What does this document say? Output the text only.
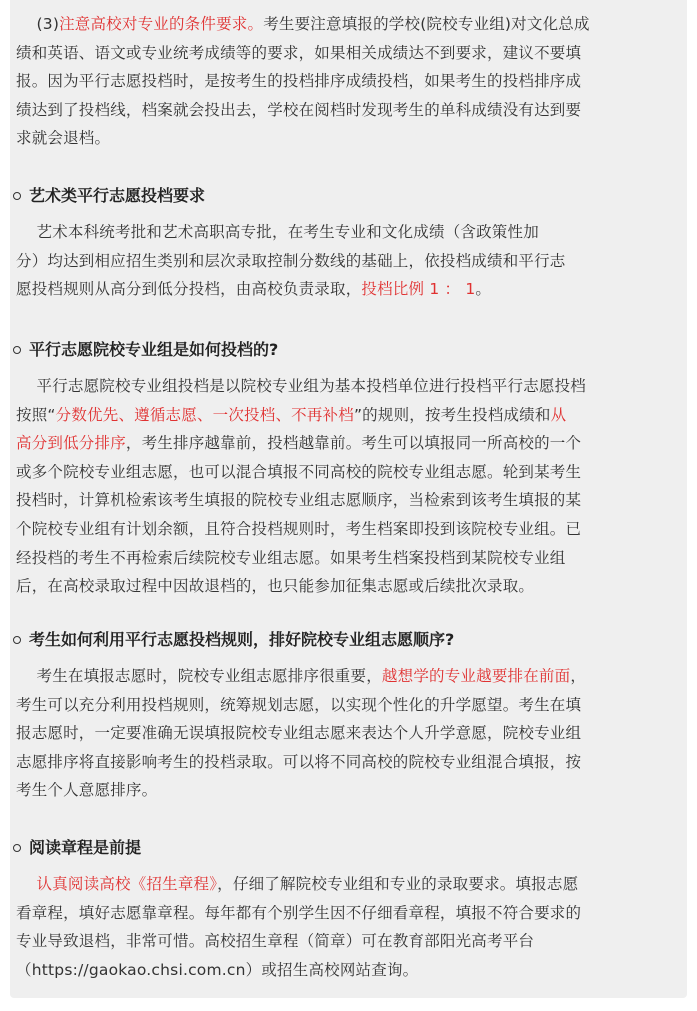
(3)注意高校对专业的条件要求。考生要注意填报的学校(院校专业组)对文化总成
绩和英语、语文或专业统考成绩等的要求，如果相关成绩达不到要求，建议不要填
报。因为平行志愿投档时，是按考生的投档排序成绩投档，如果考生的投档排序成
绩达到了投档线，档案就会投出去，学校在阅档时发现考生的单科成绩没有达到要
求就会退档。
艺术类平行志愿投档要求
艺术本科统考批和艺术高职高专批，在考生专业和文化成绩（含政策性加
分）均达到相应招生类别和层次录取控制分数线的基础上，依投档成绩和平行志
愿投档规则从高分到低分投档，由高校负责录取，投档比例 1 ： 1。
平行志愿院校专业组是如何投档的?
平行志愿院校专业组投档是以院校专业组为基本投档单位进行投档平行志愿投档
按照“分数优先、遵循志愿、一次投档、不再补档”的规则，按考生投档成绩和从
高分到低分排序，考生排序越靠前，投档越靠前。考生可以填报同一所高校的一个
或多个院校专业组志愿，也可以混合填报不同高校的院校专业组志愿。轮到某考生
投档时，计算机检索该考生填报的院校专业组志愿顺序，当检索到该考生填报的某
个院校专业组有计划余额，且符合投档规则时，考生档案即投到该院校专业组。已
经投档的考生不再检索后续院校专业组志愿。如果考生档案投档到某院校专业组
后，在高校录取过程中因故退档的，也只能参加征集志愿或后续批次录取。
考生如何利用平行志愿投档规则，排好院校专业组志愿顺序?
考生在填报志愿时，院校专业组志愿排序很重要，越想学的专业越要排在前面，
考生可以充分利用投档规则，统筹规划志愿，以实现个性化的升学愿望。考生在填
报志愿时，一定要准确无误填报院校专业组志愿来表达个人升学意愿，院校专业组
志愿排序将直接影响考生的投档录取。可以将不同高校的院校专业组混合填报，按
考生个人意愿排序。
阅读章程是前提
认真阅读高校《招生章程》，仔细了解院校专业组和专业的录取要求。填报志愿
看章程，填好志愿靠章程。每年都有个别学生因不仔细看章程，填报不符合要求的
专业导致退档，非常可惜。高校招生章程（简章）可在教育部阳光高考平台
（https://gaokao.chsi.com.cn）或招生高校网站查询。
